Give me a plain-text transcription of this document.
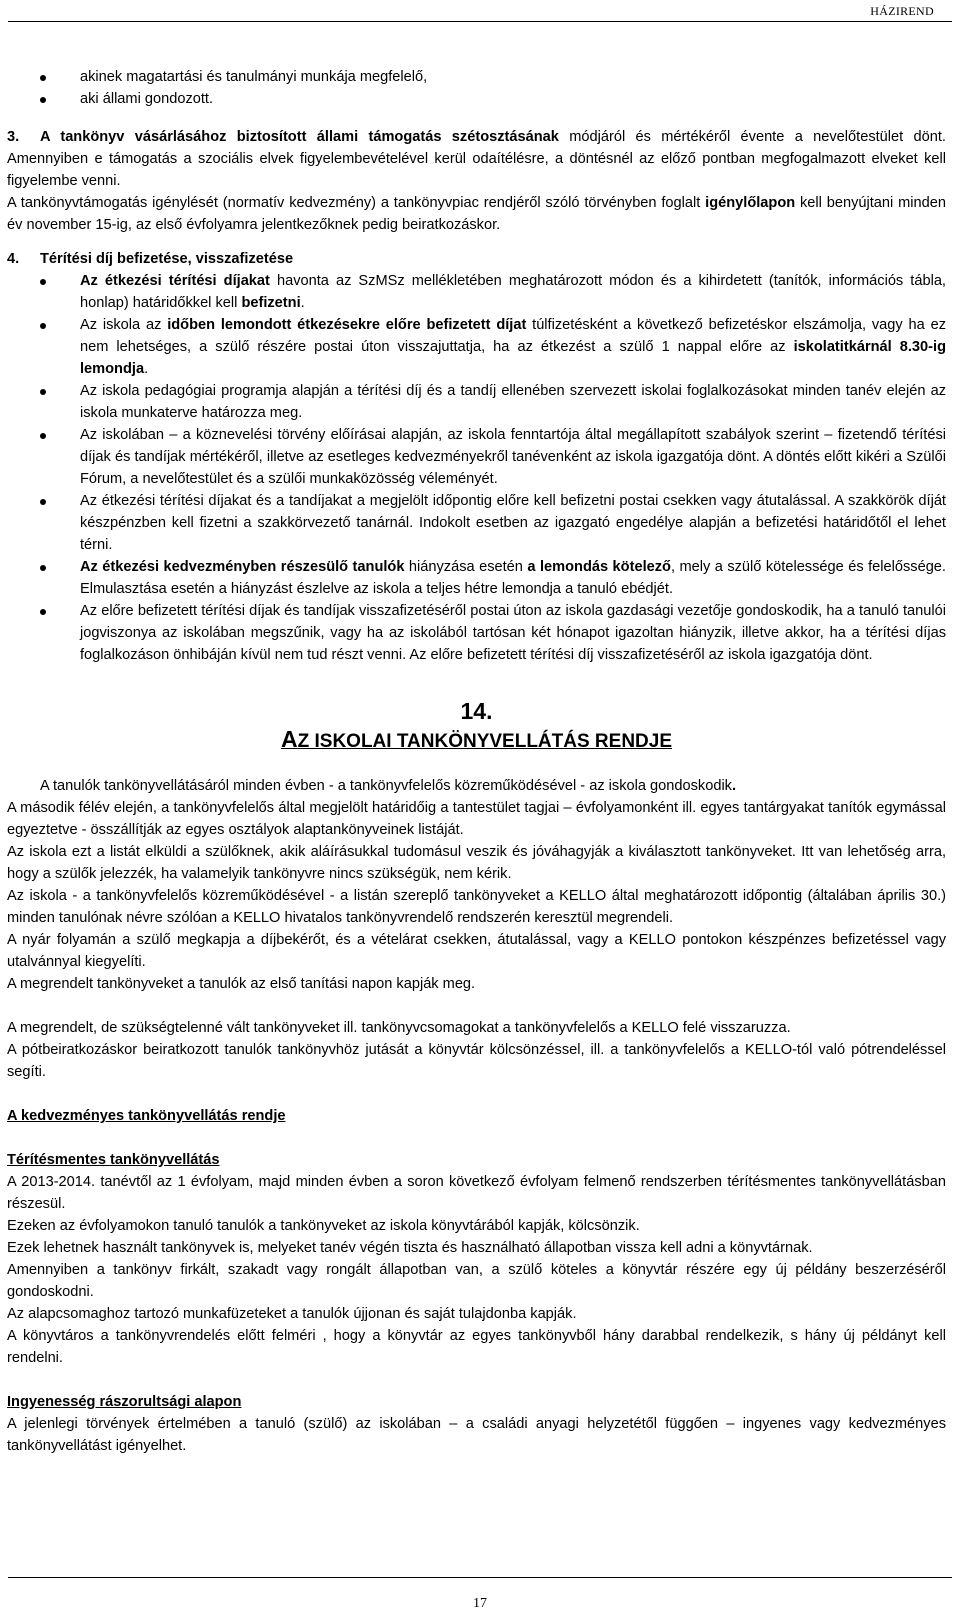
HÁZIREND
akinek magatartási és tanulmányi munkája megfelelő,
aki állami gondozott.

3. A tankönyv vásárlásához biztosított állami támogatás szétosztásának módjáról és mértékéről évente a nevelőtestület dönt. Amennyiben e támogatás a szociális elvek figyelembevételével kerül odaítélésre, a döntésnél az előző pontban megfogalmazott elveket kell figyelembe venni.

A tankönyvtámogatás igénylését (normatív kedvezmény) a tankönyvpiac rendjéről szóló törvényben foglalt igénylőlapon kell benyújtani minden év november 15-ig, az első évfolyamra jelentkezőknek pedig beiratkozáskor.

4. Térítési díj befizetése, visszafizetése

Az étkezési térítési díjakat havonta az SzMSz mellékletében meghatározott módon és a kihirdetett (tanítók, információs tábla, honlap) határidőkkel kell befizetni.
Az iskola az időben lemondott étkezésekre előre befizetett díjat túlfizetésként a következő befizetéskor elszámolja, vagy ha ez nem lehetséges, a szülő részére postai úton visszajuttatja, ha az étkezést a szülő 1 nappal előre az iskolatitkárnál 8.30-ig lemondja.
Az iskola pedagógiai programja alapján a térítési díj és a tandíj ellenében szervezett iskolai foglalkozásokat minden tanév elején az iskola munkaterve határozza meg.
Az iskolában – a köznevelési törvény előírásai alapján, az iskola fenntartója által megállapított szabályok szerint – fizetendő térítési díjak és tandíjak mértékéről, illetve az esetleges kedvezményekről tanévenként az iskola igazgatója dönt. A döntés előtt kikéri a Szülői Fórum, a nevelőtestület és a szülői munkaközösség véleményét.
Az étkezési térítési díjakat és a tandíjakat a megjelölt időpontig előre kell befizetni postai csekken vagy átutalással. A szakkörök díját készpénzben kell fizetni a szakkörvezető tanárnál. Indokolt esetben az igazgató engedélye alapján a befizetési határidőtől el lehet térni.
Az étkezési kedvezményben részesülő tanulók hiányzása esetén a lemondás kötelező, mely a szülő kötelessége és felelőssége. Elmulasztása esetén a hiányzást észlelve az iskola a teljes hétre lemondja a tanuló ebédjét.
Az előre befizetett térítési díjak és tandíjak visszafizetéséről postai úton az iskola gazdasági vezetője gondoskodik, ha a tanuló tanulói jogviszonya az iskolában megszűnik, vagy ha az iskolából tartósan két hónapot igazoltan hiányzik, illetve akkor, ha a térítési díjas foglalkozáson önhibáján kívül nem tud részt venni. Az előre befizetett térítési díj visszafizetéséről az iskola igazgatója dönt.
14.
AZ ISKOLAI TANKÖNYVELLÁTÁS RENDJE

A tanulók tankönyvellátásáról minden évben - a tankönyvfelelős közreműködésével - az iskola gondoskodik.

A második félév elején, a tankönyvfelelős által megjelölt határidőig a tantestület tagjai – évfolyamonként ill. egyes tantárgyakat tanítók egymással egyeztetve - összállítják az egyes osztályok alaptankönyveinek listáját.

Az iskola ezt a listát elküldi a szülőknek, akik aláírásukkal tudomásul veszik és jóváhagyják a kiválasztott tankönyveket. Itt van lehetőség arra, hogy a szülők jelezzék, ha valamelyik tankönyvre nincs szükségük, nem kérik.

Az iskola - a tankönyvfelelős közreműködésével - a listán szereplő tankönyveket a KELLO által meghatározott időpontig (általában április 30.) minden tanulónak névre szólóan a KELLO hivatalos tankönyvrendelő rendszerén keresztül megrendeli.

A nyár folyamán a szülő megkapja a díjbekérőt, és a vételárat csekken, átutalással, vagy a KELLO pontokon készpénzes befizetéssel vagy utalvánnyal kiegyelíti.

A megrendelt tankönyveket a tanulók az első tanítási napon kapják meg.

A megrendelt, de szükségtelenné vált tankönyveket ill. tankönyvcsomagokat a tankönyvfelelős a KELLO felé visszaruzza.

A pótbeiratkozáskor beiratkozott tanulók tankönyvhöz jutását a könyvtár kölcsönzéssel, ill. a tankönyvfelelős a KELLO-tól való pótrendeléssel segíti.

A kedvezményes tankönyvellátás rendje

Térítésmentes tankönyvellátás

A 2013-2014. tanévtől az 1 évfolyam, majd minden évben a soron következő évfolyam felmenő rendszerben térítésmentes tankönyvellátásban részesül.

Ezeken az évfolyamokon tanuló tanulók a tankönyveket az iskola könyvtárából kapják, kölcsönzik.

Ezek lehetnek használt tankönyvek is, melyeket tanév végén tiszta és használható állapotban vissza kell adni a könyvtárnak.

Amennyiben a tankönyv firkált, szakadt vagy rongált állapotban van, a szülő köteles a könyvtár részére egy új példány beszerzéséről gondoskodni.

Az alapcsomaghoz tartozó munkafüzeteket a tanulók újjonan és saját tulajdonba kapják.

A könyvtáros a tankönyvrendelés előtt felméri , hogy a könyvtár az egyes tankönyvből hány darabbal rendelkezik, s hány új példányt kell rendelni.

Ingyenesség rászorultsági alapon

A jelenlegi törvények értelmében a tanuló (szülő) az iskolában – a családi anyagi helyzetétől függően – ingyenes vagy kedvezményes tankönyvellátást igényelhet.

17
